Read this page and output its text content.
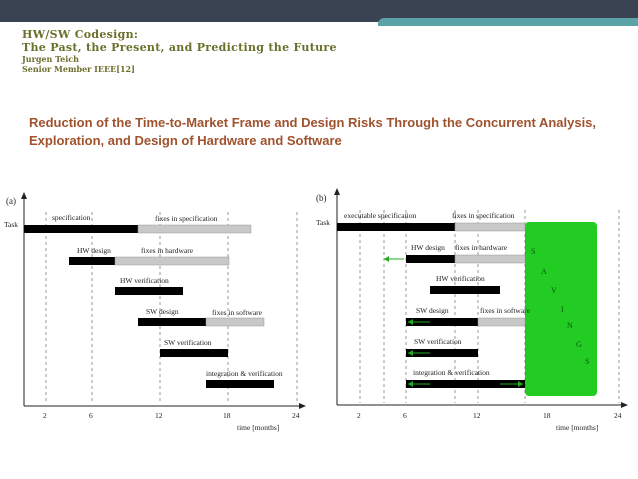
HW/SW Codesign:
The Past, the Present, and Predicting the Future
Jurgen Teich
Senior Member IEEE[12]
Reduction of the Time-to-Market Frame and Design Risks Through the Concurrent Analysis, Exploration, and Design of Hardware and Software
(a)
Task
2	6	12	18	24
time [months]
specification	fixes in specification
HW design	fixes in hardware
HW verification
SW design	fixes in software
SW verification
integration & verification
(b)
Task
2	6	12	18	24
time [months]
executable specification	fixes in specification
HW design fixes in hardware
HW verification
SW design	fixes in software
SW verification
integration & verification
S
A
V
I
N
G
S
